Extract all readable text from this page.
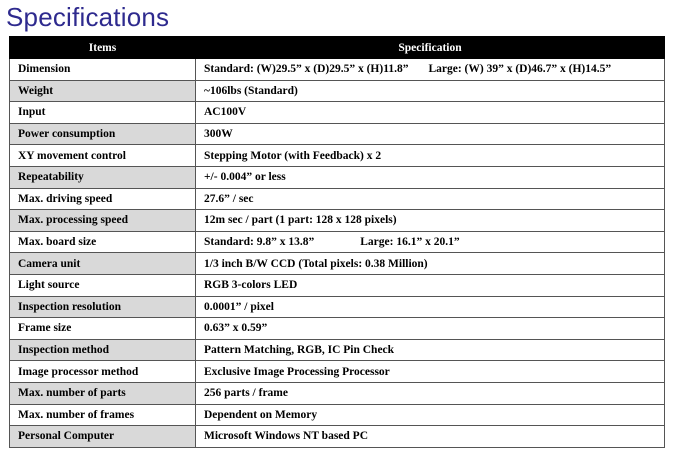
Specifications
Items	Specification
Dimension	Standard: (W)29.5” x (D)29.5” x (H)11.8” Large: (W) 39” x (D)46.7” x (H)14.5”
Weight	~106lbs (Standard)
Input	AC100V
Power consumption	300W
XY movement control	Stepping Motor (with Feedback) x 2
Repeatability	+/- 0.004” or less
Max. driving speed	27.6” / sec
Max. processing speed	12m sec / part (1 part: 128 x 128 pixels)
Max. board size	Standard: 9.8” x 13.8” Large: 16.1” x 20.1”
Camera unit	1/3 inch B/W CCD (Total pixels: 0.38 Million)
Light source	RGB 3-colors LED
Inspection resolution	0.0001” / pixel
Frame size	0.63” x 0.59”
Inspection method	Pattern Matching, RGB, IC Pin Check
Image processor method	Exclusive Image Processing Processor
Max. number of parts	256 parts / frame
Max. number of frames	Dependent on Memory
Personal Computer	Microsoft Windows NT based PC
